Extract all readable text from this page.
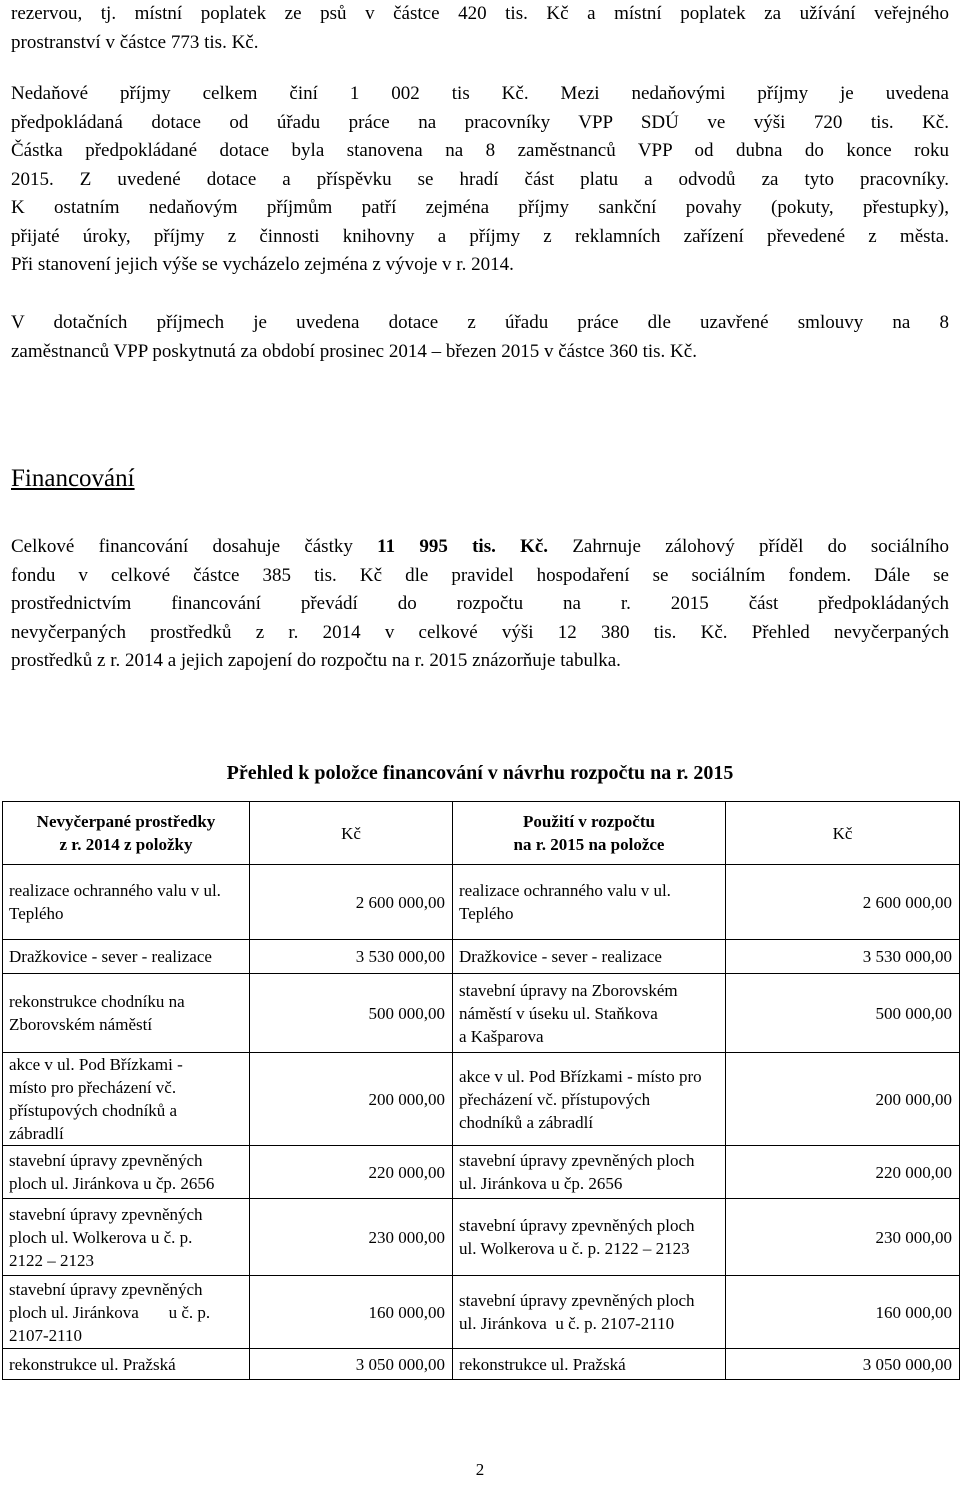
rezervou, tj. místní poplatek ze psů v částce 420 tis. Kč a místní poplatek za užívání veřejného
prostranství v částce 773 tis. Kč.
Nedaňové příjmy celkem činí 1 002 tis Kč. Mezi nedaňovými příjmy je uvedena
předpokládaná dotace od úřadu práce na pracovníky VPP SDÚ ve výši 720 tis. Kč.
Částka předpokládané dotace byla stanovena na 8 zaměstnanců VPP od dubna do konce roku
2015. Z uvedené dotace a příspěvku se hradí část platu a odvodů za tyto pracovníky.
K ostatním nedaňovým příjmům patří zejména příjmy sankční povahy (pokuty, přestupky),
přijaté úroky, příjmy z činnosti knihovny a příjmy z reklamních zařízení převedené z města.
Při stanovení jejich výše se vycházelo zejména z vývoje v r. 2014.
V dotačních příjmech je uvedena dotace z úřadu práce dle uzavřené smlouvy na 8
zaměstnanců VPP poskytnutá za období prosinec 2014 – březen 2015 v částce 360 tis. Kč.
Financování
Celkové financování dosahuje částky 11 995 tis. Kč. Zahrnuje zálohový příděl do sociálního
fondu v celkové částce 385 tis. Kč dle pravidel hospodaření se sociálním fondem. Dále se
prostřednictvím financování převádí do rozpočtu na r. 2015 část předpokládaných
nevyčerpaných prostředků z r. 2014 v celkové výši 12 380 tis. Kč. Přehled nevyčerpaných
prostředků z r. 2014 a jejich zapojení do rozpočtu na r. 2015 znázorňuje tabulka.
Přehled k položce financování v návrhu rozpočtu na r. 2015
Nevyčerpané prostředky
z r. 2014 z položky	Kč	Použití v rozpočtu
na r. 2015 na položce	Kč

realizace ochranného valu v ul.
Teplého	2 600 000,00	realizace ochranného valu v ul.
Teplého	2 600 000,00

Dražkovice - sever - realizace	3 530 000,00	Dražkovice - sever - realizace	3 530 000,00

rekonstrukce chodníku na
Zborovském náměstí	500 000,00	stavební úpravy na Zborovském
náměstí v úseku ul. Staňkova
a Kašparova	500 000,00

akce v ul. Pod Břízkami -
místo pro přecházení vč.
přístupových chodníků a
zábradlí	200 000,00	akce v ul. Pod Břízkami - místo pro
přecházení vč. přístupových
chodníků a zábradlí	200 000,00

stavební úpravy zpevněných
ploch ul. Jiránkova u čp. 2656	220 000,00	stavební úpravy zpevněných ploch
ul. Jiránkova u čp. 2656	220 000,00

stavební úpravy zpevněných
ploch ul. Wolkerova u č. p.
2122 – 2123	230 000,00	stavební úpravy zpevněných ploch
ul. Wolkerova u č. p. 2122 – 2123	230 000,00

stavební úpravy zpevněných
ploch ul. Jiránkova       u č. p.
2107-2110	160 000,00	stavební úpravy zpevněných ploch
ul. Jiránkova  u č. p. 2107-2110	160 000,00

rekonstrukce ul. Pražská	3 050 000,00	rekonstrukce ul. Pražská	3 050 000,00
2
